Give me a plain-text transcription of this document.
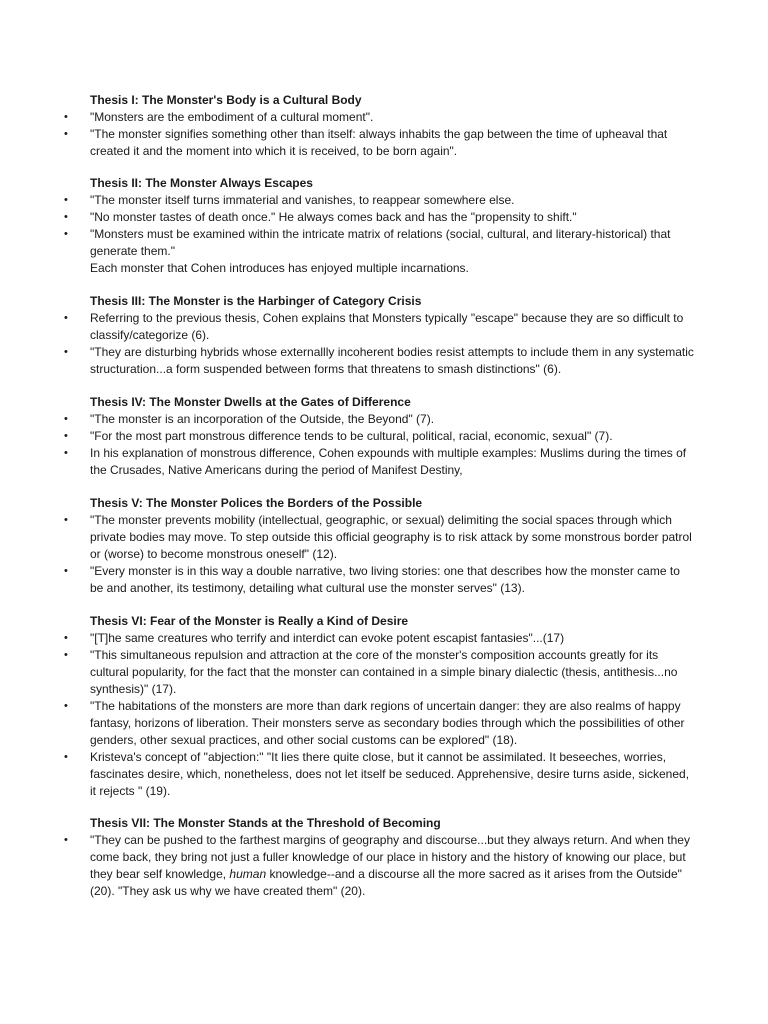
Thesis I: The Monster's Body is a Cultural Body
• "Monsters are the embodiment of a cultural moment".
• "The monster signifies something other than itself: always inhabits the gap between the time of upheaval that created it and the moment into which it is received, to be born again".
Thesis II: The Monster Always Escapes
• "The monster itself turns immaterial and vanishes, to reappear somewhere else.
• "No monster tastes of death once." He always comes back and has the "propensity to shift."
• "Monsters must be examined within the intricate matrix of relations (social, cultural, and literary-historical) that generate them."
Each monster that Cohen introduces has enjoyed multiple incarnations.
Thesis III: The Monster is the Harbinger of Category Crisis
• Referring to the previous thesis, Cohen explains that Monsters typically "escape" because they are so difficult to classify/categorize (6).
• "They are disturbing hybrids whose externallly incoherent bodies resist attempts to include them in any systematic structuration...a form suspended between forms that threatens to smash distinctions" (6).
Thesis IV: The Monster Dwells at the Gates of Difference
• "The monster is an incorporation of the Outside, the Beyond" (7).
• "For the most part monstrous difference tends to be cultural, political, racial, economic, sexual" (7).
• In his explanation of monstrous difference, Cohen expounds with multiple examples: Muslims during the times of the Crusades, Native Americans during the period of Manifest Destiny,
Thesis V: The Monster Polices the Borders of the Possible
• "The monster prevents mobility (intellectual, geographic, or sexual) delimiting the social spaces through which private bodies may move. To step outside this official geography is to risk attack by some monstrous border patrol or (worse) to become monstrous oneself" (12).
• "Every monster is in this way a double narrative, two living stories: one that describes how the monster came to be and another, its testimony, detailing what cultural use the monster serves" (13).
Thesis VI: Fear of the Monster is Really a Kind of Desire
• "[T]he same creatures who terrify and interdict can evoke potent escapist fantasies"...(17)
• "This simultaneous repulsion and attraction at the core of the monster's composition accounts greatly for its cultural popularity, for the fact that the monster can contained in a simple binary dialectic (thesis, antithesis...no synthesis)" (17).
• "The habitations of the monsters are more than dark regions of uncertain danger: they are also realms of happy fantasy, horizons of liberation. Their monsters serve as secondary bodies through which the possibilities of other genders, other sexual practices, and other social customs can be explored" (18).
• Kristeva's concept of "abjection:" "It lies there quite close, but it cannot be assimilated. It beseeches, worries, fascinates desire, which, nonetheless, does not let itself be seduced. Apprehensive, desire turns aside, sickened, it rejects " (19).
Thesis VII: The Monster Stands at the Threshold of Becoming
• "They can be pushed to the farthest margins of geography and discourse...but they always return. And when they come back, they bring not just a fuller knowledge of our place in history and the history of knowing our place, but they bear self knowledge, human knowledge--and a discourse all the more sacred as it arises from the Outside" (20). "They ask us why we have created them" (20).
